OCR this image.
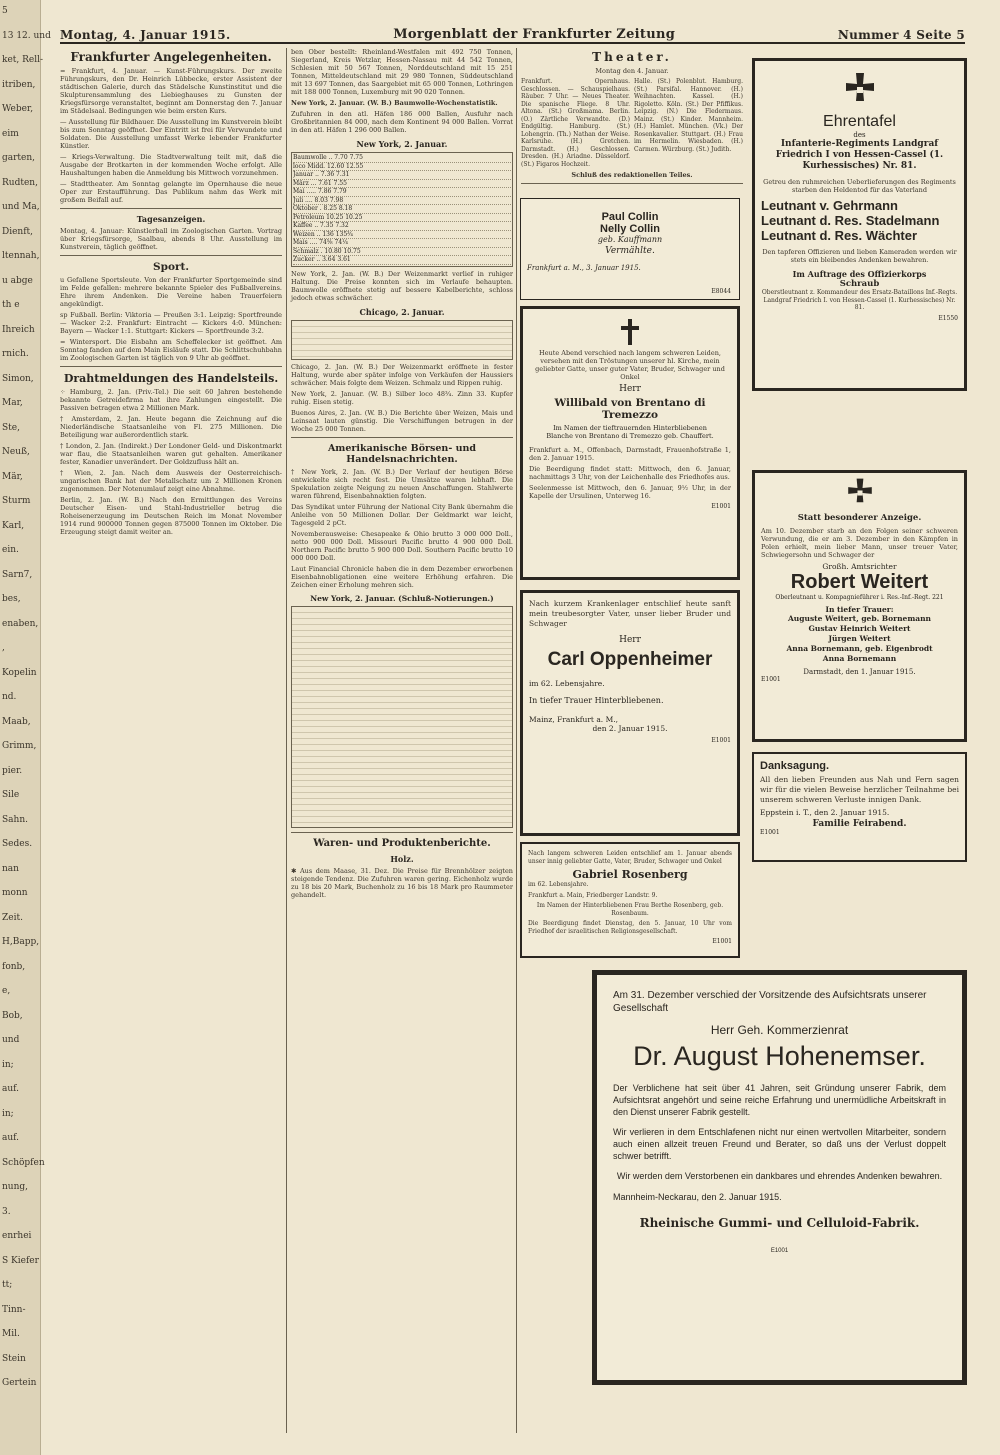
5
13 12. und
ket, Rell-
itriben,
Weber,
eim
garten,
Rudten,
und Ma,
Dienft,
ltennah,
u abge
th e
Ihreich
rnich.
Simon,
Mar,
Ste,
Neuß,
Mär,
Sturm
Karl,
ein.
Sarn7,
bes,
enaben,
,
Kopelin
nd.
Maab,
Grimm,
pier.
Sile
Sahn.
Sedes.
nan
monn
Zeit.
H,Bapp,
fonb,
e,
Bob,
und
in;
auf.
in;
auf.
Schöpfen
nung,
3.
enrhei
S Kiefer
tt;
Tinn-
Mil.
Stein
Gertein
Montag, 4. Januar 1915.	Morgenblatt der Frankfurter Zeitung	Nummer 4 Seite 5
Frankfurter Angelegenheiten.

= Frankfurt, 4. Januar. — Kunst-Führungskurs. Der zweite Führungskurs, den Dr. Heinrich Lübbecke, erster Assistent der städtischen Galerie, durch das Städelsche Kunstinstitut und die Skulpturensammlung des Liebieghauses zu Gunsten der Kriegsfürsorge veranstaltet, beginnt am Donnerstag den 7. Januar im Städelsaal. Bedingungen wie beim ersten Kurs.

— Ausstellung für Bildhauer. Die Ausstellung im Kunstverein bleibt bis zum Sonntag geöffnet. Der Eintritt ist frei für Verwundete und Soldaten. Die Ausstellung umfasst Werke lebender Frankfurter Künstler.

— Kriegs-Verwaltung. Die Stadtverwaltung teilt mit, daß die Ausgabe der Brotkarten in der kommenden Woche erfolgt. Alle Haushaltungen haben die Anmeldung bis Mittwoch vorzunehmen.

— Stadttheater. Am Sonntag gelangte im Opernhause die neue Oper zur Erstaufführung. Das Publikum nahm das Werk mit großem Beifall auf.

Tagesanzeigen.

Montag, 4. Januar: Künstlerball im Zoologischen Garten. Vortrag über Kriegsfürsorge, Saalbau, abends 8 Uhr. Ausstellung im Kunstverein, täglich geöffnet.

Sport.

u Gefallene Sportsleute. Von der Frankfurter Sportgemeinde sind im Felde gefallen: mehrere bekannte Spieler des Fußballvereins. Ehre ihrem Andenken. Die Vereine haben Trauerfeiern angekündigt.

sp Fußball. Berlin: Viktoria — Preußen 3:1. Leipzig: Sportfreunde — Wacker 2:2. Frankfurt: Eintracht — Kickers 4:0. München: Bayern — Wacker 1:1. Stuttgart: Kickers — Sportfreunde 3:2.

= Wintersport. Die Eisbahn am Scheffelecker ist geöffnet. Am Sonntag fanden auf dem Main Eisläufe statt. Die Schlittschuhbahn im Zoologischen Garten ist täglich von 9 Uhr ab geöffnet.

Drahtmeldungen des Handelsteils.

⁘ Hamburg, 2. Jan. (Priv.-Tel.) Die seit 60 Jahren bestehende bekannte Getreidefirma hat ihre Zahlungen eingestellt. Die Passiven betragen etwa 2 Millionen Mark.

† Amsterdam, 2. Jan. Heute begann die Zeichnung auf die Niederländische Staatsanleihe von Fl. 275 Millionen. Die Beteiligung war außerordentlich stark.

† London, 2. Jan. (Indirekt.) Der Londoner Geld- und Diskontmarkt war flau, die Staatsanleihen waren gut gehalten. Amerikaner fester, Kanadier unverändert. Der Goldzufluss hält an.

† Wien, 2. Jan. Nach dem Ausweis der Oesterreichisch-ungarischen Bank hat der Metallschatz um 2 Millionen Kronen zugenommen. Der Notenumlauf zeigt eine Abnahme.

Berlin, 2. Jan. (W. B.) Nach den Ermittlungen des Vereins Deutscher Eisen- und Stahl-Industrieller betrug die Roheisenerzeugung im Deutschen Reich im Monat November 1914 rund 900000 Tonnen gegen 875000 Tonnen im Oktober. Die Erzeugung steigt damit weiter an.

ben Ober bestellt: Rheinland-Westfalen mit 492 750 Tonnen, Siegerland, Kreis Wetzlar, Hessen-Nassau mit 44 542 Tonnen, Schlesien mit 50 567 Tonnen, Norddeutschland mit 15 251 Tonnen, Mitteldeutschland mit 29 980 Tonnen, Süddeutschland mit 13 697 Tonnen, das Saargebiet mit 65 000 Tonnen, Lothringen mit 188 000 Tonnen, Luxemburg mit 90 020 Tonnen.

New York, 2. Januar. (W. B.) Baumwolle-Wochenstatistik.

Zufuhren in den atl. Häfen 186 000 Ballen, Ausfuhr nach Großbritannien 84 000, nach dem Kontinent 94 000 Ballen. Vorrat in den atl. Häfen 1 296 000 Ballen.

New York, 2. Januar.
Baumwolle .. 7.70 7.75
loco Midd. 12.60 12.55
Januar .. 7.36 7.31
März ... 7.61 7.55
Mai ..... 7.86 7.79
Juli .... 8.03 7.98
Oktober . 8.25 8.18
Petroleum 10.25 10.25
Kaffee .. 7.35 7.32
Weizen .. 136 135¾
Mais .... 74⅝ 74¼
Schmalz . 10.80 10.75
Zucker .. 3.64 3.61

New York, 2. Jan. (W. B.) Der Weizenmarkt verlief in ruhiger Haltung. Die Preise konnten sich im Verlaufe behaupten. Baumwolle eröffnete stetig auf bessere Kabelberichte, schloss jedoch etwas schwächer.

Chicago, 2. Januar.

Chicago, 2. Jan. (W. B.) Der Weizenmarkt eröffnete in fester Haltung, wurde aber später infolge von Verkäufen der Haussiers schwächer. Mais folgte dem Weizen. Schmalz und Rippen ruhig.

New York, 2. Januar. (W. B.) Silber loco 48¾. Zinn 33. Kupfer ruhig. Eisen stetig.

Buenos Aires, 2. Jan. (W. B.) Die Berichte über Weizen, Mais und Leinsaat lauten günstig. Die Verschiffungen betrugen in der Woche 25 000 Tonnen.

Amerikanische Börsen- und Handelsnachrichten.

† New York, 2. Jan. (W. B.) Der Verlauf der heutigen Börse entwickelte sich recht fest. Die Umsätze waren lebhaft. Die Spekulation zeigte Neigung zu neuen Anschaffungen. Stahlwerte waren führend, Eisenbahnaktien folgten.

Das Syndikat unter Führung der National City Bank übernahm die Anleihe von 50 Millionen Dollar. Der Geldmarkt war leicht, Tagesgeld 2 pCt.

Novemberausweise: Chesapeake & Ohio brutto 3 000 000 Doll., netto 900 000 Doll. Missouri Pacific brutto 4 900 000 Doll. Northern Pacific brutto 5 900 000 Doll. Southern Pacific brutto 10 000 000 Doll.

Laut Financial Chronicle haben die in dem Dezember erworbenen Eisenbahnobligationen eine weitere Erhöhung erfahren. Die Zeichen einer Erholung mehren sich.

New York, 2. Januar. (Schluß-Notierungen.)
Waren- und Produktenberichte.
Holz.

✱ Aus dem Maase, 31. Dez. Die Preise für Brennhölzer zeigten steigende Tendenz. Die Zufuhren waren gering. Eichenholz wurde zu 18 bis 20 Mark, Buchenholz zu 16 bis 18 Mark pro Raummeter gehandelt.

Theater.
Montag den 4. Januar.

Frankfurt. Opernhaus. Geschlossen. — Schauspielhaus. Räuber. 7 Uhr. — Neues Theater. Die spanische Fliege. 8 Uhr. Altona. (St.) Großmama. Berlin. (O.) Zärtliche Verwandte. (D.) Endgültig. Hamburg. (St.) Lohengrin. (Th.) Nathan der Weise. Karlsruhe. (H.) Gretchen. Darmstadt. (H.) Geschlossen. Dresden. (H.) Ariadne. Düsseldorf. (St.) Figaros Hochzeit.

Halle. (St.) Polenblut. Hamburg. (St.) Parsifal. Hannover. (H.) Weihnachten. Kassel. (H.) Rigoletto. Köln. (St.) Der Pfiffikus. Leipzig. (N.) Die Fledermaus. Mainz. (St.) Kinder. Mannheim. (H.) Hamlet. München. (Vk.) Der Rosenkavalier. Stuttgart. (H.) Frau im Hermelin. Wiesbaden. (H.) Carmen. Würzburg. (St.) Judith.

Schluß des redaktionellen Teiles.
Paul Collin
Nelly Collin
geb. Kauffmann
Vermählte.
Frankfurt a. M., 3. Januar 1915.
E8044

Heute Abend verschied nach langem schweren Leiden, versehen mit den Tröstungen unserer hl. Kirche, mein geliebter Gatte, unser guter Vater, Bruder, Schwager und Onkel

Herr
Willibald von Brentano di Tremezzo
Im Namen der tieftrauernden Hinterbliebenen
Blanche von Brentano di Tremezzo geb. Chauffert.

Frankfurt a. M., Offenbach, Darmstadt, Frauenhofstraße 1, den 2. Januar 1915.

Die Beerdigung findet statt: Mittwoch, den 6. Januar, nachmittags 3 Uhr, von der Leichenhalle des Friedhofes aus.

Seelenmesse ist Mittwoch, den 6. Januar, 9½ Uhr, in der Kapelle der Ursulinen, Unterweg 16.

E1001

Nach kurzem Krankenlager entschlief heute sanft mein treubesorgter Vater, unser lieber Bruder und Schwager

Herr
Carl Oppenheimer
im 62. Lebensjahre.
In tiefer Trauer Hinterbliebenen.
Mainz, Frankfurt a. M.,
den 2. Januar 1915.
E1001

Nach langem schweren Leiden entschlief am 1. Januar abends unser innig geliebter Gatte, Vater, Bruder, Schwager und Onkel

Gabriel Rosenberg
im 62. Lebensjahre.
Frankfurt a. Main, Friedberger Landstr. 9.
Im Namen der Hinterbliebenen Frau Berthe Rosenberg, geb. Rosenbaum.
Die Beerdigung findet Dienstag, den 5. Januar, 10 Uhr vom Friedhof der israelitischen Religionsgesellschaft.
E1001
Ehrentafel
des
Infanterie-Regiments Landgraf Friedrich I von Hessen-Cassel (1. Kurhessisches) Nr. 81.

Getreu den ruhmreichen Ueberlieferungen des Regiments starben den Heldentod für das Vaterland

Leutnant v. Gehrmann
Leutnant d. Res. Stadelmann
Leutnant d. Res. Wächter

Den tapferen Offizieren und lieben Kameraden werden wir stets ein bleibendes Andenken bewahren.

Im Auftrage des Offizierkorps
Schraub

Oberstleutnant z. Kommandeur des Ersatz-Bataillons Inf.-Regts. Landgraf Friedrich I. von Hessen-Cassel (1. Kurhessisches) Nr. 81.

E1550
Statt besonderer Anzeige.

Am 10. Dezember starb an den Folgen seiner schweren Verwundung, die er am 3. Dezember in den Kämpfen in Polen erhielt, mein lieber Mann, unser treuer Vater, Schwiegersohn und Schwager der

Großh. Amtsrichter
Robert Weitert
Oberleutnant u. Kompagnieführer i. Res.-Inf.-Regt. 221
In tiefer Trauer:
Auguste Weitert, geb. Bornemann
Gustav Heinrich Weitert
Jürgen Weitert
Anna Bornemann, geb. Eigenbrodt
Anna Bornemann
Darmstadt, den 1. Januar 1915.
E1001
Danksagung.

All den lieben Freunden aus Nah und Fern sagen wir für die vielen Beweise herzlicher Teilnahme bei unserem schweren Verluste innigen Dank.

Eppstein i. T., den 2. Januar 1915.
Familie Feirabend.
E1001

Am 31. Dezember verschied der Vorsitzende des Aufsichtsrats unserer Gesellschaft

Herr Geh. Kommerzienrat
Dr. August Hohenemser.

Der Verblichene hat seit über 41 Jahren, seit Gründung unserer Fabrik, dem Aufsichtsrat angehört und seine reiche Erfahrung und unermüdliche Arbeitskraft in den Dienst unserer Fabrik gestellt.

Wir verlieren in dem Entschlafenen nicht nur einen wertvollen Mitarbeiter, sondern auch einen allzeit treuen Freund und Berater, so daß uns der Verlust doppelt schwer betrifft.

Wir werden dem Verstorbenen ein dankbares und ehrendes Andenken bewahren.

Mannheim-Neckarau, den 2. Januar 1915.
Rheinische Gummi- und Celluloid-Fabrik.
E1001
